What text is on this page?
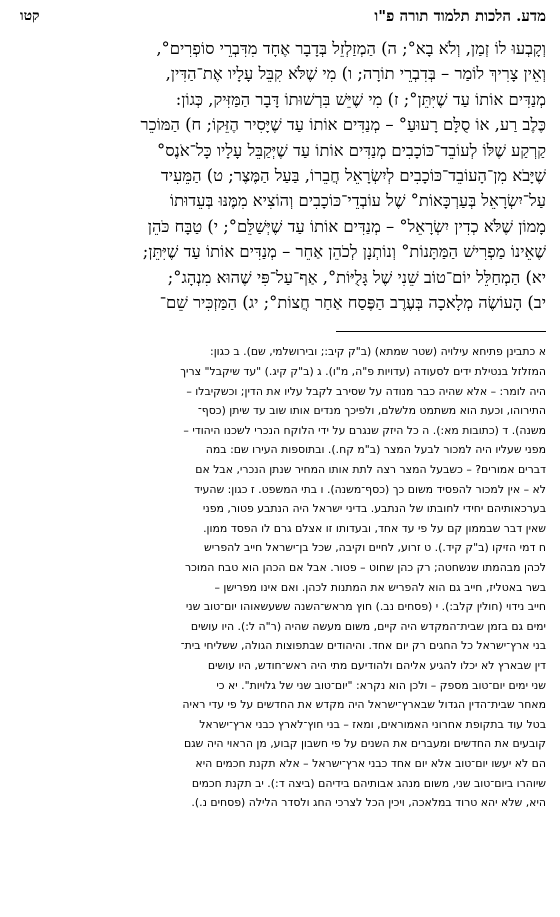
מדע. הלכות תלמוד תורה פ"ו
קטו
וְקָבְעוּ לוֹ זְמַן, וְלֹא בָא°; ה) הַמְזַלְזֵל בְּדָבָר אֶחָד מִדִּבְרֵי סוֹפְרִים°,
וְאֵין צָרִיךְ לוֹמַר – בְּדִבְרֵי תוֹרָה; ו) מִי שֶׁלֹּא קִבֵּל עָלָיו אֶת־הַדִּין,
מְנַדִּים אוֹתוֹ עַד שֶׁיִּתֵּן°; ז) מִי שֶׁיֵּשׁ בִּרְשׁוּתוֹ דָּבָר הַמַּזִּיק, כְּגוֹן:
כֶּלֶב רַע, אוֹ סֻלָּם רָעוּעַ° – מְנַדִּים אוֹתוֹ עַד שֶׁיָּסִיר הֶזֵּקוֹ; ח) הַמּוֹכֵר
קַרְקַע שֶׁלּוֹ לְעוֹבֵד־כּוֹכָבִים מְנַדִּים אוֹתוֹ עַד שֶׁיְּקַבֵּל עָלָיו כָּל־אֹנֶס°
שֶׁיָּבֹא מִן־הָעוֹבֵד־כּוֹכָבִים לְיִשְׂרָאֵל חֲבֵרוֹ, בַּעַל הַמֶּצֶר; ט) הַמֵּעִיד
עַל־יִשְׂרָאֵל בְּעַרְכָּאוֹת° שֶׁל עוֹבְדֵי־כּוֹכָבִים וְהוֹצִיא מִמֶּנּוּ בְּעֵדוּתוֹ
מָמוֹן שֶׁלֹּא כְדִין יִשְׂרָאֵל° – מְנַדִּים אוֹתוֹ עַד שֶׁיְּשַׁלֵּם°; י) טַבָּח כֹּהֵן
שֶׁאֵינוֹ מַפְרִישׁ הַמַּתָּנוֹת° וְנוֹתְנָן לְכֹהֵן אַחֵר – מְנַדִּים אוֹתוֹ עַד שֶׁיִּתֵּן;
יא) הַמְחַלֵּל יוֹם־טוֹב שֵׁנִי שֶׁל גָּלֻיּוֹת°, אַף־עַל־פִּי שֶׁהוּא מִנְהָג°;
יב) הָעוֹשֶׂה מְלָאכָה בְּעֶרֶב הַפֶּסַח אַחַר חֲצוֹת°; יג) הַמַּזְכִּיר שֵׁם־
א כתבינן פתיחא עילויה (שטר שמתא) (ב"ק קיב:; ובירושלמי, שם). ב כגון:
המזלזל בנטילת ידים לסעודה (עדויות פ"ה, מ"ו). ג (ב"ק קיג.) "עד שיקבל" צריך
היה לומר: – אלא שהיה כבר מנודה על שסירב לקבל עליו את הדין; וכשקיבלו –
התירוהו, וכעת הוא משתמט מלשלם, ולפיכך מנדים אותו שוב עד שיתן (כסף־
משנה). ד (כתובות מא:). ה כל היזק שנגרם על ידי הלוקח הנכרי לשכנו היהודי –
מפני שעליו היה למכור לבעל המצר (ב"מ קח.). ובתוספות העירו שם: במה
דברים אמורים? – כשבעל המצר רצה לתת אותו המחיר שנתן הנכרי, אבל אם
לא – אין למכור להפסיד משום כך (כסף־משנה). ו בתי המשפט. ז כגון: שהעיד
בערכאותיהם יחידי לחובתו של הנתבע. בדיני ישראל היה הנתבע פטור, מפני
שאין דבר שבממון קם על פי עד אחד, ובעדותו זו אצלם גרם לו הפסד ממון.
ח דמי הזיקו (ב"ק קיד.). ט זרוע, לחיים וקיבה, שכל בן־ישראל חייב להפריש
לכהן מבהמתו שנשחטה; רק כהן שחוט – פטור. אבל אם הכהן הוא טבח המוכר
בשר באטליז, חייב גם הוא להפריש את המתנות לכהן. ואם אינו מפרישן –
חייב נידוי (חולין קלב:). י (פסחים נב.) חוץ מראש־השנה ששעשאוהו יום־טוב שני
ימים גם בזמן שבית־המקדש היה קיים, משום מעשה שהיה (ר"ה ל:). היו עושים
בני ארץ־ישראל כל החגים רק יום אחד. והיהודים שבתפוצות הגולה, ששליחי בית־
דין שבארץ לא יכלו להגיע אליהם ולהודיעם מתי היה ראש־חודש, היו עושים
שני ימים יום־טוב מספק – ולכן הוא נקרא: "יום־טוב שני של גלויות". יא כי
מאחר שבית־הדין הגדול שבארץ־ישראל היה מקדש את החדשים על פי עדי ראיה
בטל עוד בתקופת אחרוני האמוראים, ומאז – בני חוץ־לארץ כבני ארץ־ישראל
קובעים את החדשים ומעברים את השנים על פי חשבון קבוע, מן הראוי היה שגם
הם לא יעשו יום־טוב אלא יום אחד כבני ארץ־ישראל – אלא תקנת חכמים היא
שיוהרו ביום־טוב שני, משום מנהג אבותיהם בידיהם (ביצה ד:). יב תקנת חכמים
היא, שלא יהא טרוד במלאכה, ויכין הכל לצרכי החג ולסדר הלילה (פסחים נ.).
